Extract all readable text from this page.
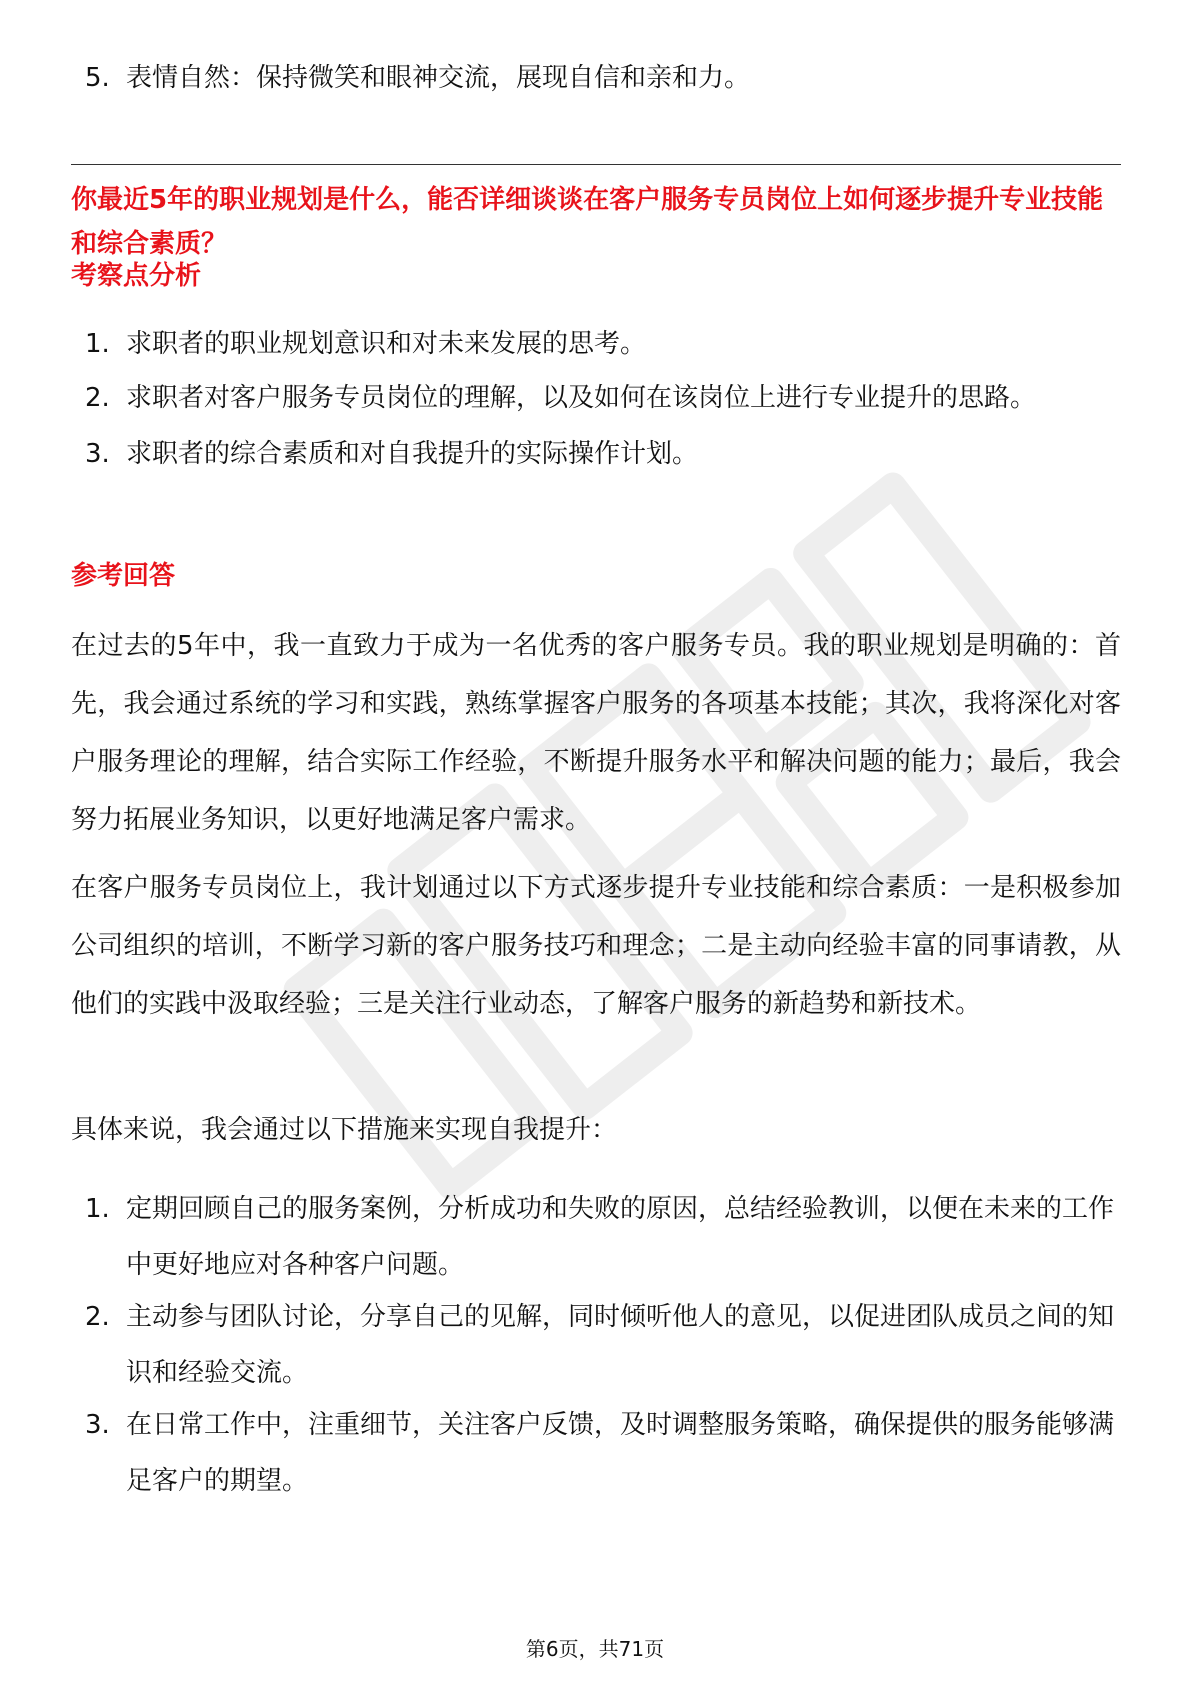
5. 表情自然：保持微笑和眼神交流，展现自信和亲和力。

你最近5年的职业规划是什么，能否详细谈谈在客户服务专员岗位上如何逐步提升专业技能和综合素质？

考察点分析

1. 求职者的职业规划意识和对未来发展的思考。

2. 求职者对客户服务专员岗位的理解，以及如何在该岗位上进行专业提升的思路。

3. 求职者的综合素质和对自我提升的实际操作计划。

参考回答

在过去的5年中，我一直致力于成为一名优秀的客户服务专员。我的职业规划是明确的：首先，我会通过系统的学习和实践，熟练掌握客户服务的各项基本技能；其次，我将深化对客户服务理论的理解，结合实际工作经验，不断提升服务水平和解决问题的能力；最后，我会努力拓展业务知识，以更好地满足客户需求。

在客户服务专员岗位上，我计划通过以下方式逐步提升专业技能和综合素质：一是积极参加公司组织的培训，不断学习新的客户服务技巧和理念；二是主动向经验丰富的同事请教，从他们的实践中汲取经验；三是关注行业动态，了解客户服务的新趋势和新技术。

具体来说，我会通过以下措施来实现自我提升：

1. 定期回顾自己的服务案例，分析成功和失败的原因，总结经验教训，以便在未来的工作中更好地应对各种客户问题。

2. 主动参与团队讨论，分享自己的见解，同时倾听他人的意见，以促进团队成员之间的知识和经验交流。

3. 在日常工作中，注重细节，关注客户反馈，及时调整服务策略，确保提供的服务能够满足客户的期望。

第6页，共71页
